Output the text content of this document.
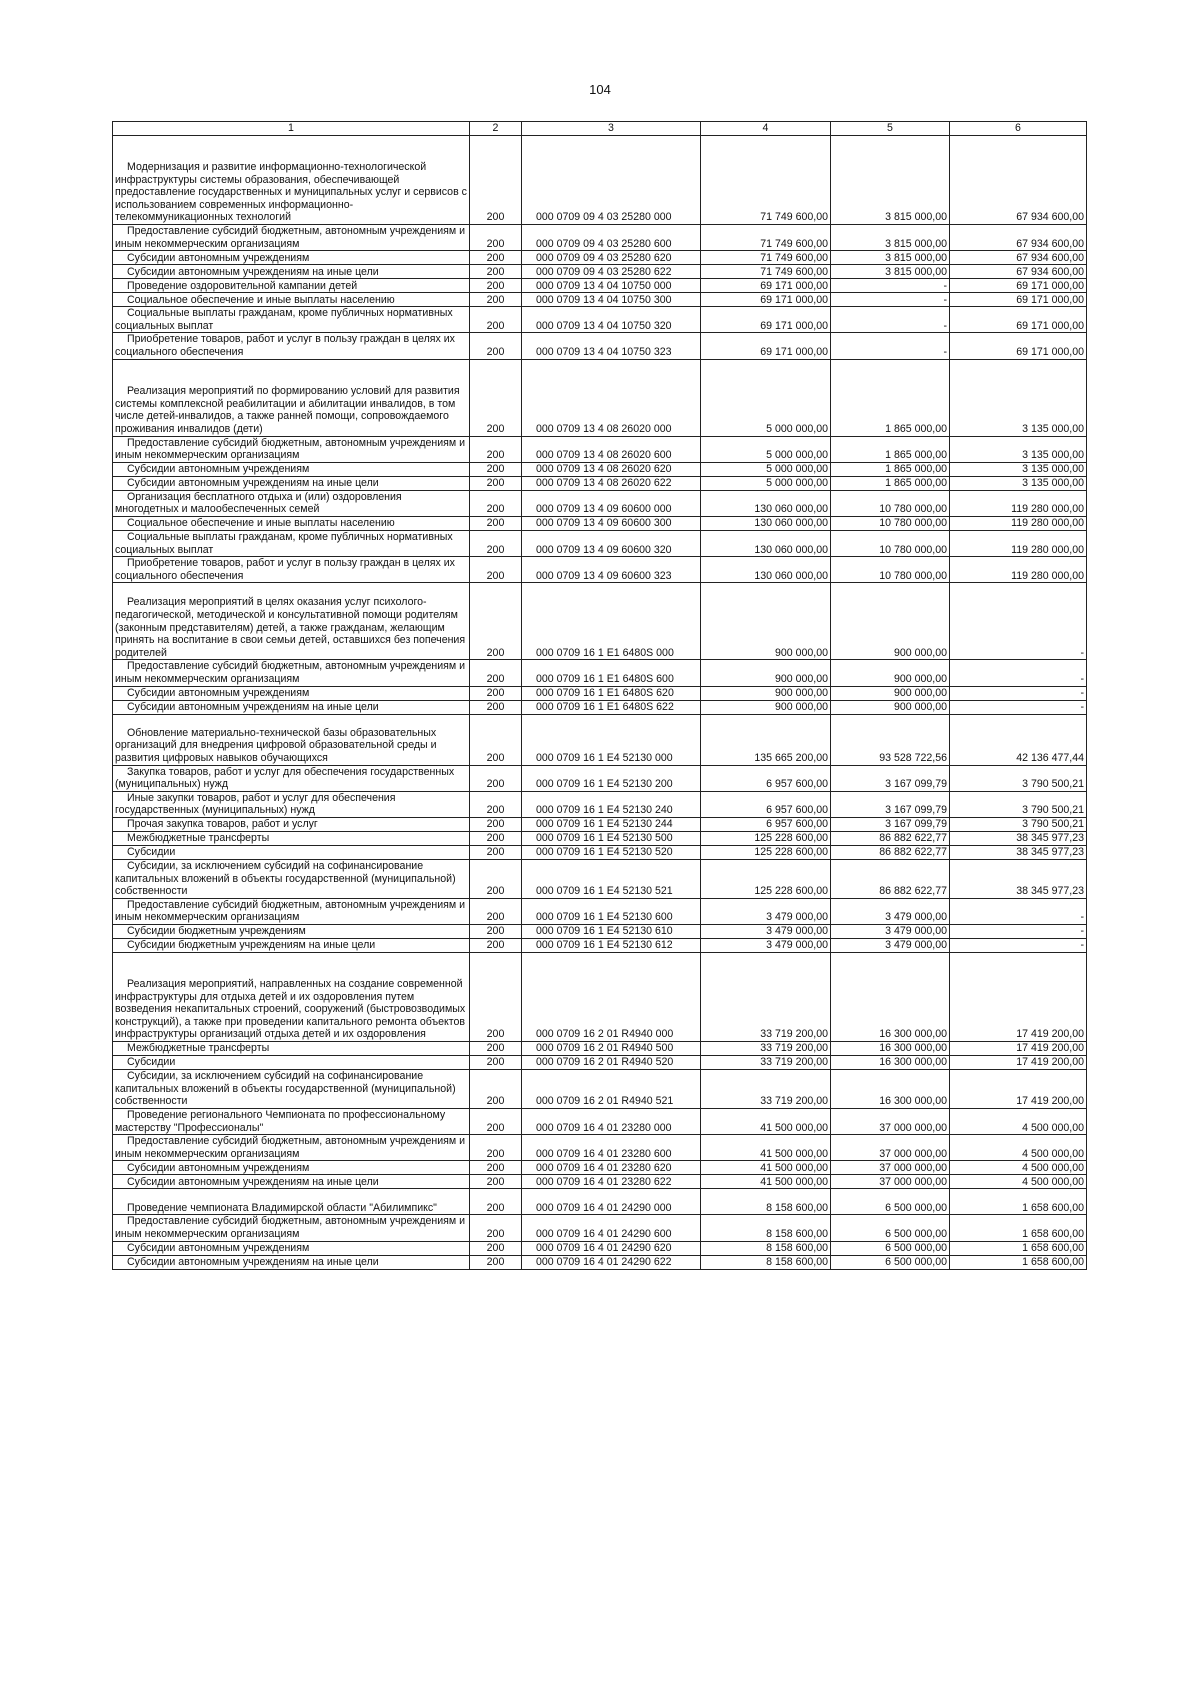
104
1	2	3	4	5	6
Модернизация и развитие информационно-технологической инфраструктуры системы образования, обеспечивающей предоставление государственных и муниципальных услуг и сервисов с использованием современных информационно-телекоммуникационных технологий	200	000 0709 09 4 03 25280 000	71 749 600,00	3 815 000,00	67 934 600,00
Предоставление субсидий бюджетным, автономным учреждениям и иным некоммерческим организациям	200	000 0709 09 4 03 25280 600	71 749 600,00	3 815 000,00	67 934 600,00
Субсидии автономным учреждениям	200	000 0709 09 4 03 25280 620	71 749 600,00	3 815 000,00	67 934 600,00
Субсидии автономным учреждениям на иные цели	200	000 0709 09 4 03 25280 622	71 749 600,00	3 815 000,00	67 934 600,00
Проведение оздоровительной кампании детей	200	000 0709 13 4 04 10750 000	69 171 000,00	-	69 171 000,00
Социальное обеспечение и иные выплаты населению	200	000 0709 13 4 04 10750 300	69 171 000,00	-	69 171 000,00
Социальные выплаты гражданам, кроме публичных нормативных социальных выплат	200	000 0709 13 4 04 10750 320	69 171 000,00	-	69 171 000,00
Приобретение товаров, работ и услуг в пользу граждан в целях их социального обеспечения	200	000 0709 13 4 04 10750 323	69 171 000,00	-	69 171 000,00
Реализация мероприятий по формированию условий для развития системы комплексной реабилитации и абилитации инвалидов, в том числе детей-инвалидов, а также ранней помощи, сопровождаемого проживания инвалидов (дети)	200	000 0709 13 4 08 26020 000	5 000 000,00	1 865 000,00	3 135 000,00
Предоставление субсидий бюджетным, автономным учреждениям и иным некоммерческим организациям	200	000 0709 13 4 08 26020 600	5 000 000,00	1 865 000,00	3 135 000,00
Субсидии автономным учреждениям	200	000 0709 13 4 08 26020 620	5 000 000,00	1 865 000,00	3 135 000,00
Субсидии автономным учреждениям на иные цели	200	000 0709 13 4 08 26020 622	5 000 000,00	1 865 000,00	3 135 000,00
Организация бесплатного отдыха и (или) оздоровления многодетных и малообеспеченных семей	200	000 0709 13 4 09 60600 000	130 060 000,00	10 780 000,00	119 280 000,00
Социальное обеспечение и иные выплаты населению	200	000 0709 13 4 09 60600 300	130 060 000,00	10 780 000,00	119 280 000,00
Социальные выплаты гражданам, кроме публичных нормативных социальных выплат	200	000 0709 13 4 09 60600 320	130 060 000,00	10 780 000,00	119 280 000,00
Приобретение товаров, работ и услуг в пользу граждан в целях их социального обеспечения	200	000 0709 13 4 09 60600 323	130 060 000,00	10 780 000,00	119 280 000,00
Реализация мероприятий в целях оказания услуг психолого-педагогической, методической и консультативной помощи родителям (законным представителям) детей, а также гражданам, желающим принять на воспитание в свои семьи детей, оставшихся без попечения родителей	200	000 0709 16 1 E1 6480S 000	900 000,00	900 000,00	-
Предоставление субсидий бюджетным, автономным учреждениям и иным некоммерческим организациям	200	000 0709 16 1 E1 6480S 600	900 000,00	900 000,00	-
Субсидии автономным учреждениям	200	000 0709 16 1 E1 6480S 620	900 000,00	900 000,00	-
Субсидии автономным учреждениям на иные цели	200	000 0709 16 1 E1 6480S 622	900 000,00	900 000,00	-
Обновление материально-технической базы образовательных организаций для внедрения цифровой образовательной среды и развития цифровых навыков обучающихся	200	000 0709 16 1 E4 52130 000	135 665 200,00	93 528 722,56	42 136 477,44
Закупка товаров, работ и услуг для обеспечения государственных (муниципальных) нужд	200	000 0709 16 1 E4 52130 200	6 957 600,00	3 167 099,79	3 790 500,21
Иные закупки товаров, работ и услуг для обеспечения государственных (муниципальных) нужд	200	000 0709 16 1 E4 52130 240	6 957 600,00	3 167 099,79	3 790 500,21
Прочая закупка товаров, работ и услуг	200	000 0709 16 1 E4 52130 244	6 957 600,00	3 167 099,79	3 790 500,21
Межбюджетные трансферты	200	000 0709 16 1 E4 52130 500	125 228 600,00	86 882 622,77	38 345 977,23
Субсидии	200	000 0709 16 1 E4 52130 520	125 228 600,00	86 882 622,77	38 345 977,23
Субсидии, за исключением субсидий на софинансирование капитальных вложений в объекты государственной (муниципальной) собственности	200	000 0709 16 1 E4 52130 521	125 228 600,00	86 882 622,77	38 345 977,23
Предоставление субсидий бюджетным, автономным учреждениям и иным некоммерческим организациям	200	000 0709 16 1 E4 52130 600	3 479 000,00	3 479 000,00	-
Субсидии бюджетным учреждениям	200	000 0709 16 1 E4 52130 610	3 479 000,00	3 479 000,00	-
Субсидии бюджетным учреждениям на иные цели	200	000 0709 16 1 E4 52130 612	3 479 000,00	3 479 000,00	-
Реализация мероприятий, направленных на создание современной инфраструктуры для отдыха детей и их оздоровления путем возведения некапитальных строений, сооружений (быстровозводимых конструкций), а также при проведении капитального ремонта объектов инфраструктуры организаций отдыха детей и их оздоровления	200	000 0709 16 2 01 R4940 000	33 719 200,00	16 300 000,00	17 419 200,00
Межбюджетные трансферты	200	000 0709 16 2 01 R4940 500	33 719 200,00	16 300 000,00	17 419 200,00
Субсидии	200	000 0709 16 2 01 R4940 520	33 719 200,00	16 300 000,00	17 419 200,00
Субсидии, за исключением субсидий на софинансирование капитальных вложений в объекты государственной (муниципальной) собственности	200	000 0709 16 2 01 R4940 521	33 719 200,00	16 300 000,00	17 419 200,00
Проведение регионального Чемпионата по профессиональному мастерству "Профессионалы"	200	000 0709 16 4 01 23280 000	41 500 000,00	37 000 000,00	4 500 000,00
Предоставление субсидий бюджетным, автономным учреждениям и иным некоммерческим организациям	200	000 0709 16 4 01 23280 600	41 500 000,00	37 000 000,00	4 500 000,00
Субсидии автономным учреждениям	200	000 0709 16 4 01 23280 620	41 500 000,00	37 000 000,00	4 500 000,00
Субсидии автономным учреждениям на иные цели	200	000 0709 16 4 01 23280 622	41 500 000,00	37 000 000,00	4 500 000,00
Проведение чемпионата Владимирской области "Абилимпикс"	200	000 0709 16 4 01 24290 000	8 158 600,00	6 500 000,00	1 658 600,00
Предоставление субсидий бюджетным, автономным учреждениям и иным некоммерческим организациям	200	000 0709 16 4 01 24290 600	8 158 600,00	6 500 000,00	1 658 600,00
Субсидии автономным учреждениям	200	000 0709 16 4 01 24290 620	8 158 600,00	6 500 000,00	1 658 600,00
Субсидии автономным учреждениям на иные цели	200	000 0709 16 4 01 24290 622	8 158 600,00	6 500 000,00	1 658 600,00
